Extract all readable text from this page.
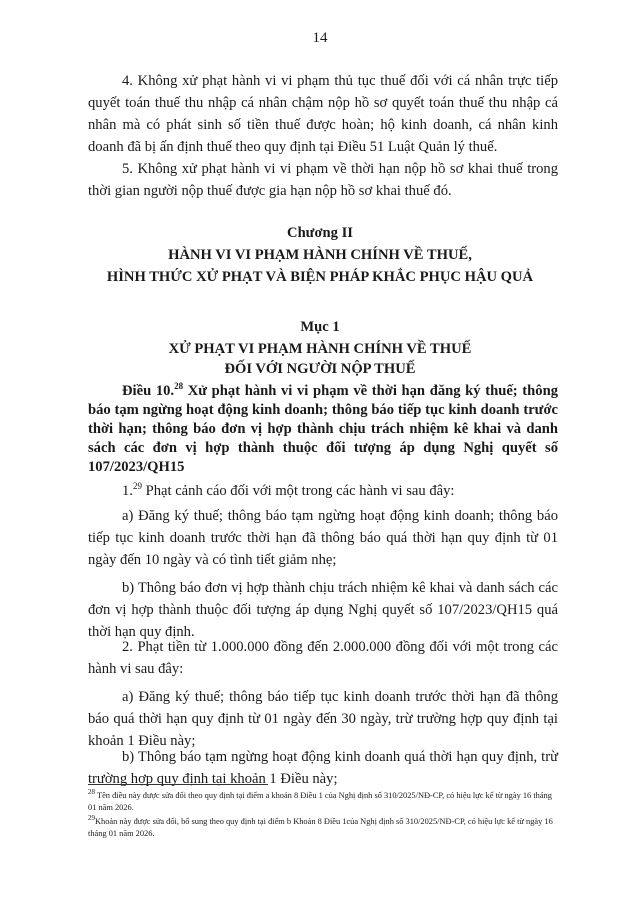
14

4. Không xử phạt hành vi vi phạm thủ tục thuế đối với cá nhân trực tiếp quyết toán thuế thu nhập cá nhân chậm nộp hồ sơ quyết toán thuế thu nhập cá nhân mà có phát sinh số tiền thuế được hoàn; hộ kinh doanh, cá nhân kinh doanh đã bị ấn định thuế theo quy định tại Điều 51 Luật Quản lý thuế.

5. Không xử phạt hành vi vi phạm về thời hạn nộp hồ sơ khai thuế trong thời gian người nộp thuế được gia hạn nộp hồ sơ khai thuế đó.

Chương II

HÀNH VI VI PHẠM HÀNH CHÍNH VỀ THUẾ,

HÌNH THỨC XỬ PHẠT VÀ BIỆN PHÁP KHẮC PHỤC HẬU QUẢ

Mục 1

XỬ PHẠT VI PHẠM HÀNH CHÍNH VỀ THUẾ

ĐỐI VỚI NGƯỜI NỘP THUẾ

Điều 10.28 Xử phạt hành vi vi phạm về thời hạn đăng ký thuế; thông báo tạm ngừng hoạt động kinh doanh; thông báo tiếp tục kinh doanh trước thời hạn; thông báo đơn vị hợp thành chịu trách nhiệm kê khai và danh sách các đơn vị hợp thành thuộc đối tượng áp dụng Nghị quyết số 107/2023/QH15

1.29 Phạt cảnh cáo đối với một trong các hành vi sau đây:

a) Đăng ký thuế; thông báo tạm ngừng hoạt động kinh doanh; thông báo tiếp tục kinh doanh trước thời hạn đã thông báo quá thời hạn quy định từ 01 ngày đến 10 ngày và có tình tiết giảm nhẹ;

b) Thông báo đơn vị hợp thành chịu trách nhiệm kê khai và danh sách các đơn vị hợp thành thuộc đối tượng áp dụng Nghị quyết số 107/2023/QH15 quá thời hạn quy định.

2. Phạt tiền từ 1.000.000 đồng đến 2.000.000 đồng đối với một trong các hành vi sau đây:

a) Đăng ký thuế; thông báo tiếp tục kinh doanh trước thời hạn đã thông báo quá thời hạn quy định từ 01 ngày đến 30 ngày, trừ trường hợp quy định tại khoản 1 Điều này;

b) Thông báo tạm ngừng hoạt động kinh doanh quá thời hạn quy định, trừ trường hợp quy định tại khoản 1 Điều này;

$^{28}$ Tên điều này được sửa đổi theo quy định tại điểm a khoản 8 Điều 1 của Nghị định số 310/2025/NĐ-CP, có hiệu lực kể từ ngày 16 tháng 01 năm 2026.

$^{29}$Khoản này được sửa đổi, bổ sung theo quy định tại điểm b Khoản 8 Điều 1của Nghị định số 310/2025/NĐ-CP, có hiệu lực kể từ ngày 16 tháng 01 năm 2026.
